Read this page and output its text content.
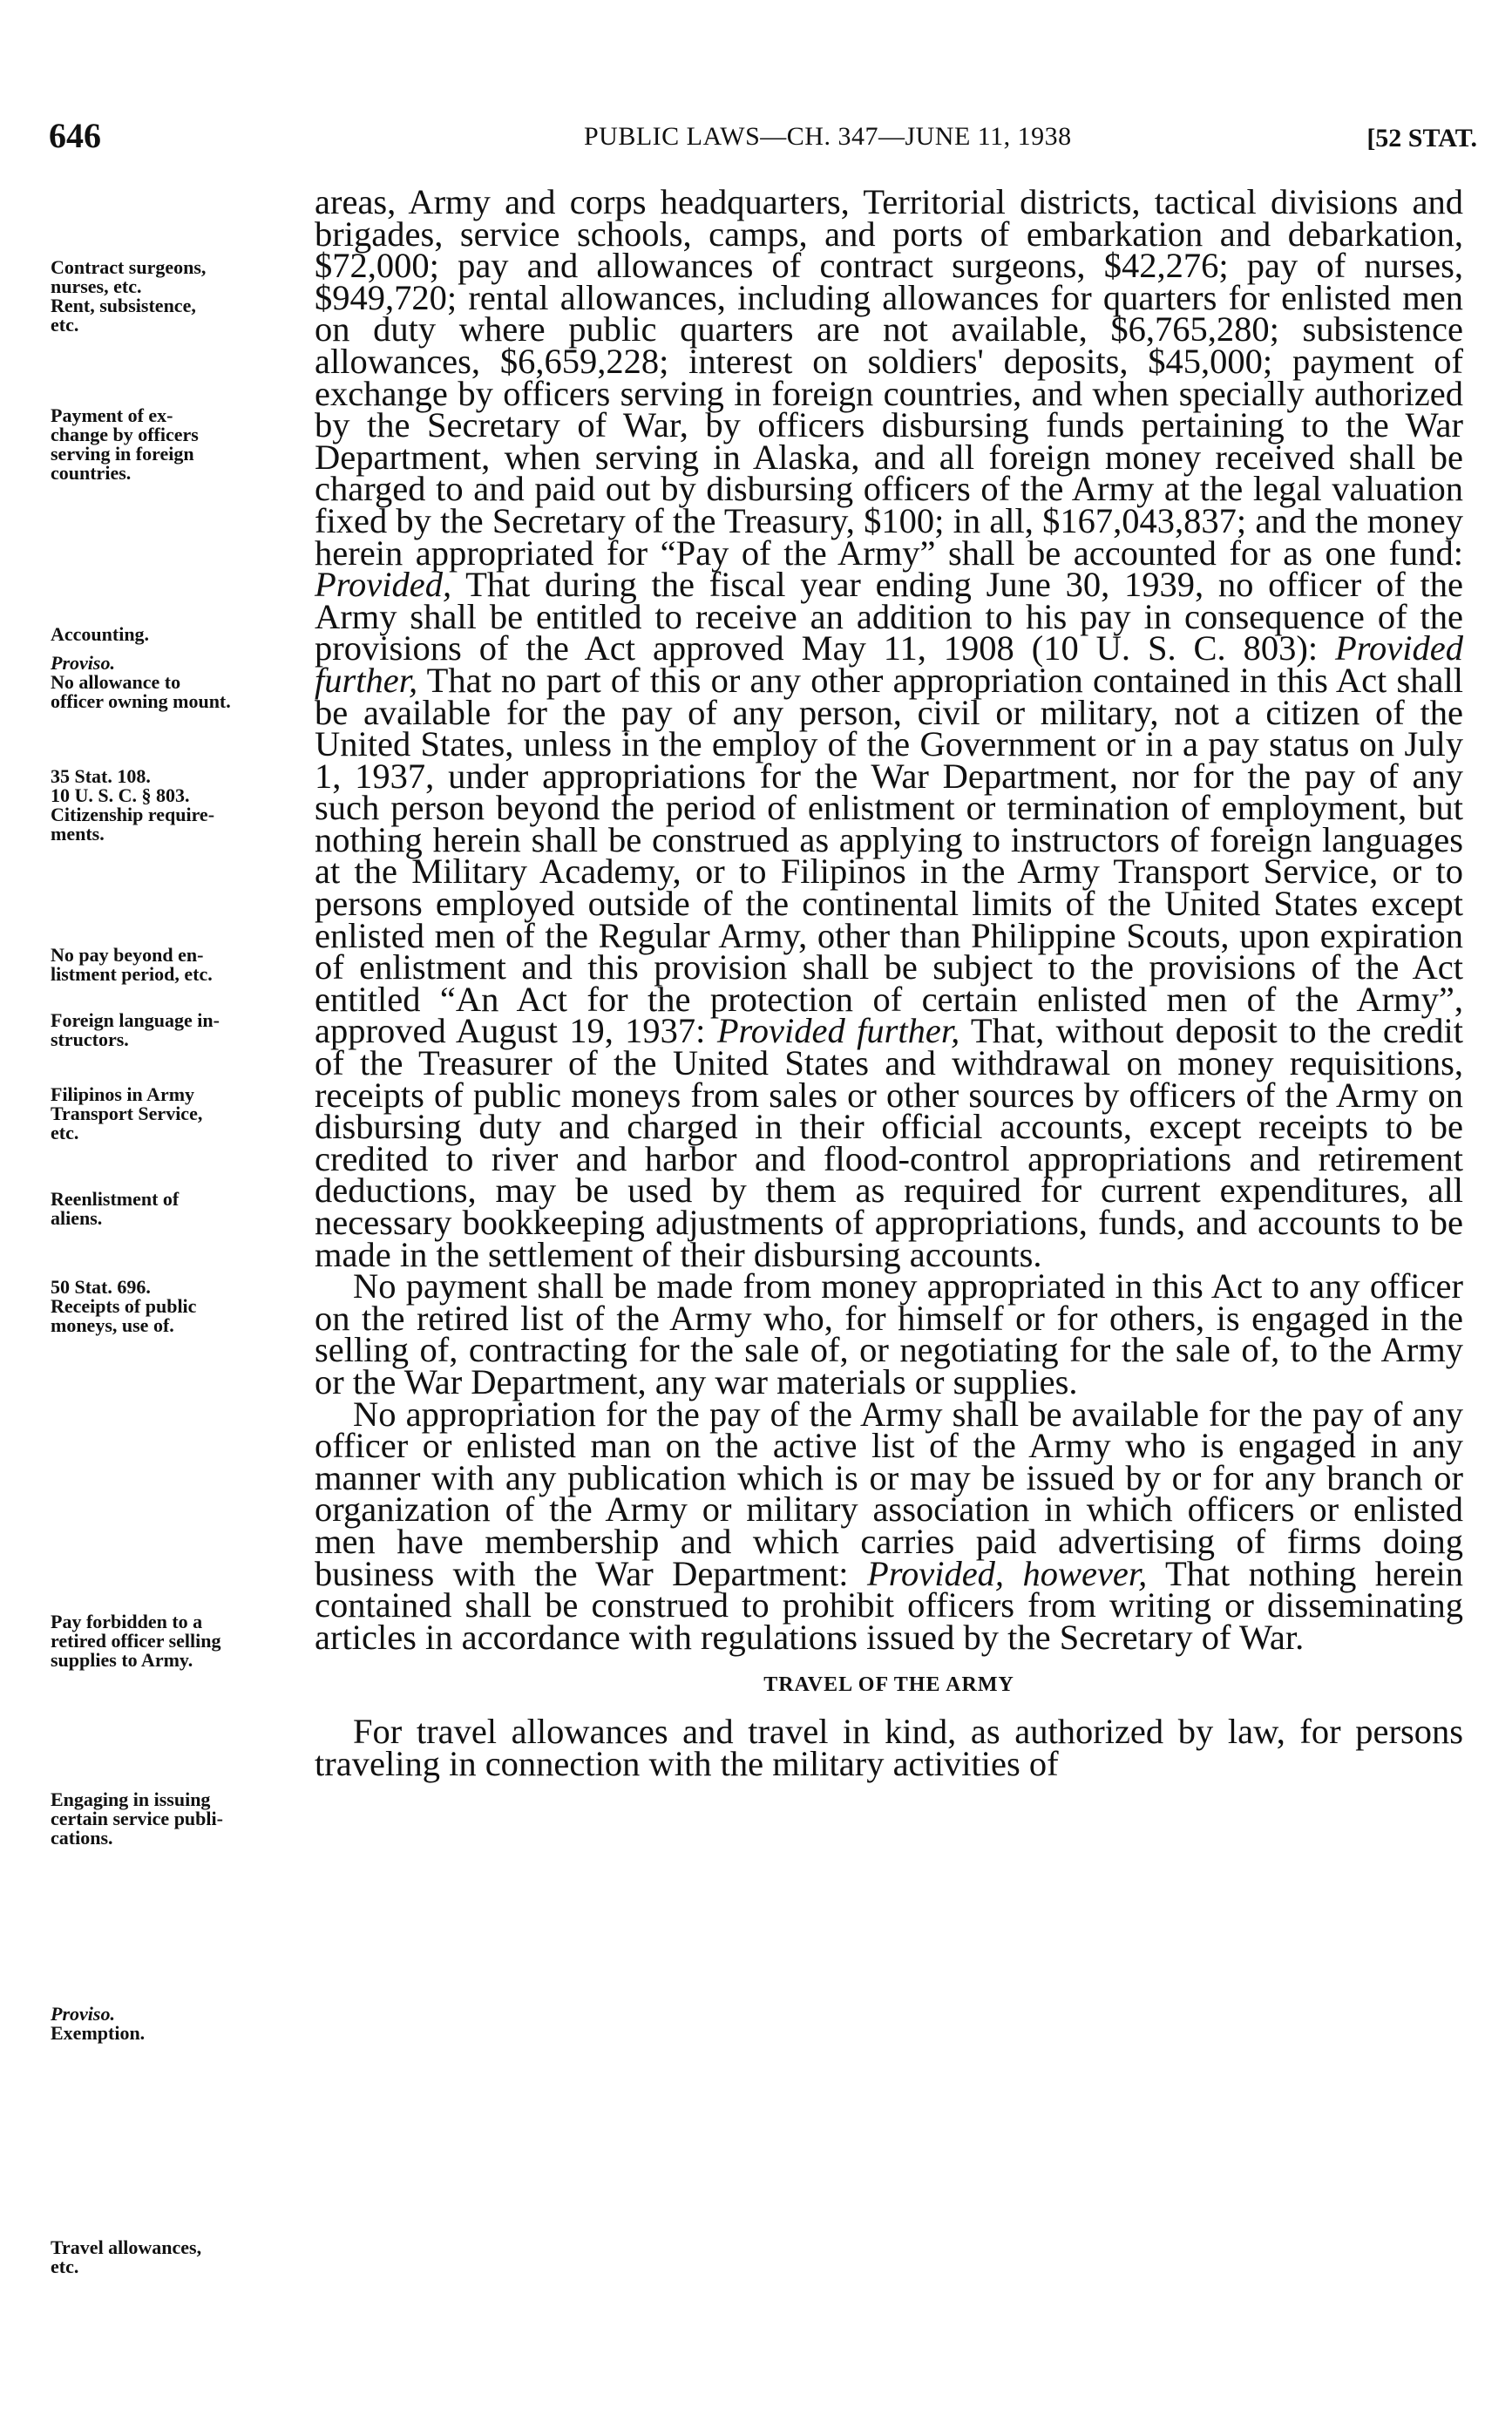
646	PUBLIC LAWS—CH. 347—JUNE 11, 1938	[52 STAT.
Contract surgeons,
nurses, etc.
Rent, subsistence,
etc.
Payment of ex-
change by officers
serving in foreign
countries.
Accounting.
Proviso.
No allowance to
officer owning mount.
35 Stat. 108.
10 U. S. C. § 803.
Citizenship require-
ments.
No pay beyond en-
listment period, etc.
Foreign language in-
structors.
Filipinos in Army
Transport Service,
etc.
Reenlistment of
aliens.
50 Stat. 696.
Receipts of public
moneys, use of.
Pay forbidden to a
retired officer selling
supplies to Army.
Engaging in issuing
certain service publi-
cations.
Proviso.
Exemption.
Travel allowances,
etc.

areas, Army and corps headquarters, Territorial districts, tactical divisions and brigades, service schools, camps, and ports of embarkation and debarkation, $72,000; pay and allowances of contract surgeons, $42,276; pay of nurses, $949,720; rental allowances, including allowances for quarters for enlisted men on duty where public quarters are not available, $6,765,280; subsistence allowances, $6,659,228; interest on soldiers' deposits, $45,000; payment of exchange by officers serving in foreign countries, and when specially authorized by the Secretary of War, by officers disbursing funds pertaining to the War Department, when serving in Alaska, and all foreign money received shall be charged to and paid out by disbursing officers of the Army at the legal valuation fixed by the Secretary of the Treasury, $100; in all, $167,043,837; and the money herein appropriated for “Pay of the Army” shall be accounted for as one fund: Provided, That during the fiscal year ending June 30, 1939, no officer of the Army shall be entitled to receive an addition to his pay in consequence of the provisions of the Act approved May 11, 1908 (10 U. S. C. 803): Provided further, That no part of this or any other appropriation contained in this Act shall be available for the pay of any person, civil or military, not a citizen of the United States, unless in the employ of the Government or in a pay status on July 1, 1937, under appropriations for the War Department, nor for the pay of any such person beyond the period of enlistment or termination of employment, but nothing herein shall be construed as applying to instructors of foreign languages at the Military Academy, or to Filipinos in the Army Transport Service, or to persons employed outside of the continental limits of the United States except enlisted men of the Regular Army, other than Philippine Scouts, upon expiration of enlistment and this provision shall be subject to the provisions of the Act entitled “An Act for the protection of certain enlisted men of the Army”, approved August 19, 1937: Provided further, That, without deposit to the credit of the Treasurer of the United States and withdrawal on money requisitions, receipts of public moneys from sales or other sources by officers of the Army on disbursing duty and charged in their official accounts, except receipts to be credited to river and harbor and flood-control appropriations and retirement deductions, may be used by them as required for current expenditures, all necessary bookkeeping adjustments of appropriations, funds, and accounts to be made in the settlement of their disbursing accounts.

No payment shall be made from money appropriated in this Act to any officer on the retired list of the Army who, for himself or for others, is engaged in the selling of, contracting for the sale of, or negotiating for the sale of, to the Army or the War Department, any war materials or supplies.

No appropriation for the pay of the Army shall be available for the pay of any officer or enlisted man on the active list of the Army who is engaged in any manner with any publication which is or may be issued by or for any branch or organization of the Army or military association in which officers or enlisted men have membership and which carries paid advertising of firms doing business with the War Department: Provided, however, That nothing herein contained shall be construed to prohibit officers from writing or disseminating articles in accordance with regulations issued by the Secretary of War.

TRAVEL OF THE ARMY

For travel allowances and travel in kind, as authorized by law, for persons traveling in connection with the military activities of
